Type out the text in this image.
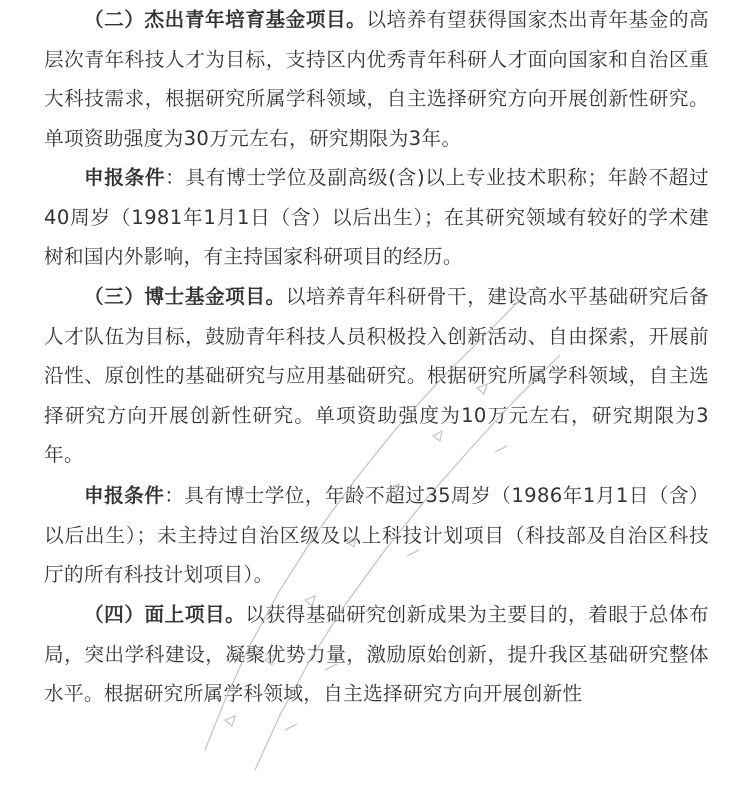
（二）杰出青年培育基金项目。以培养有望获得国家杰出青年基金的高层次青年科技人才为目标，支持区内优秀青年科研人才面向国家和自治区重大科技需求，根据研究所属学科领域，自主选择研究方向开展创新性研究。单项资助强度为30万元左右，研究期限为3年。

申报条件：具有博士学位及副高级(含)以上专业技术职称；年龄不超过40周岁（1981年1月1日（含）以后出生）；在其研究领域有较好的学术建树和国内外影响，有主持国家科研项目的经历。

（三）博士基金项目。以培养青年科研骨干，建设高水平基础研究后备人才队伍为目标，鼓励青年科技人员积极投入创新活动、自由探索，开展前沿性、原创性的基础研究与应用基础研究。根据研究所属学科领域，自主选择研究方向开展创新性研究。单项资助强度为10万元左右，研究期限为3年。

申报条件：具有博士学位，年龄不超过35周岁（1986年1月1日（含）以后出生）；未主持过自治区级及以上科技计划项目（科技部及自治区科技厅的所有科技计划项目）。

（四）面上项目。以获得基础研究创新成果为主要目的，着眼于总体布局，突出学科建设，凝聚优势力量，激励原始创新，提升我区基础研究整体水平。根据研究所属学科领域，自主选择研究方向开展创新性
